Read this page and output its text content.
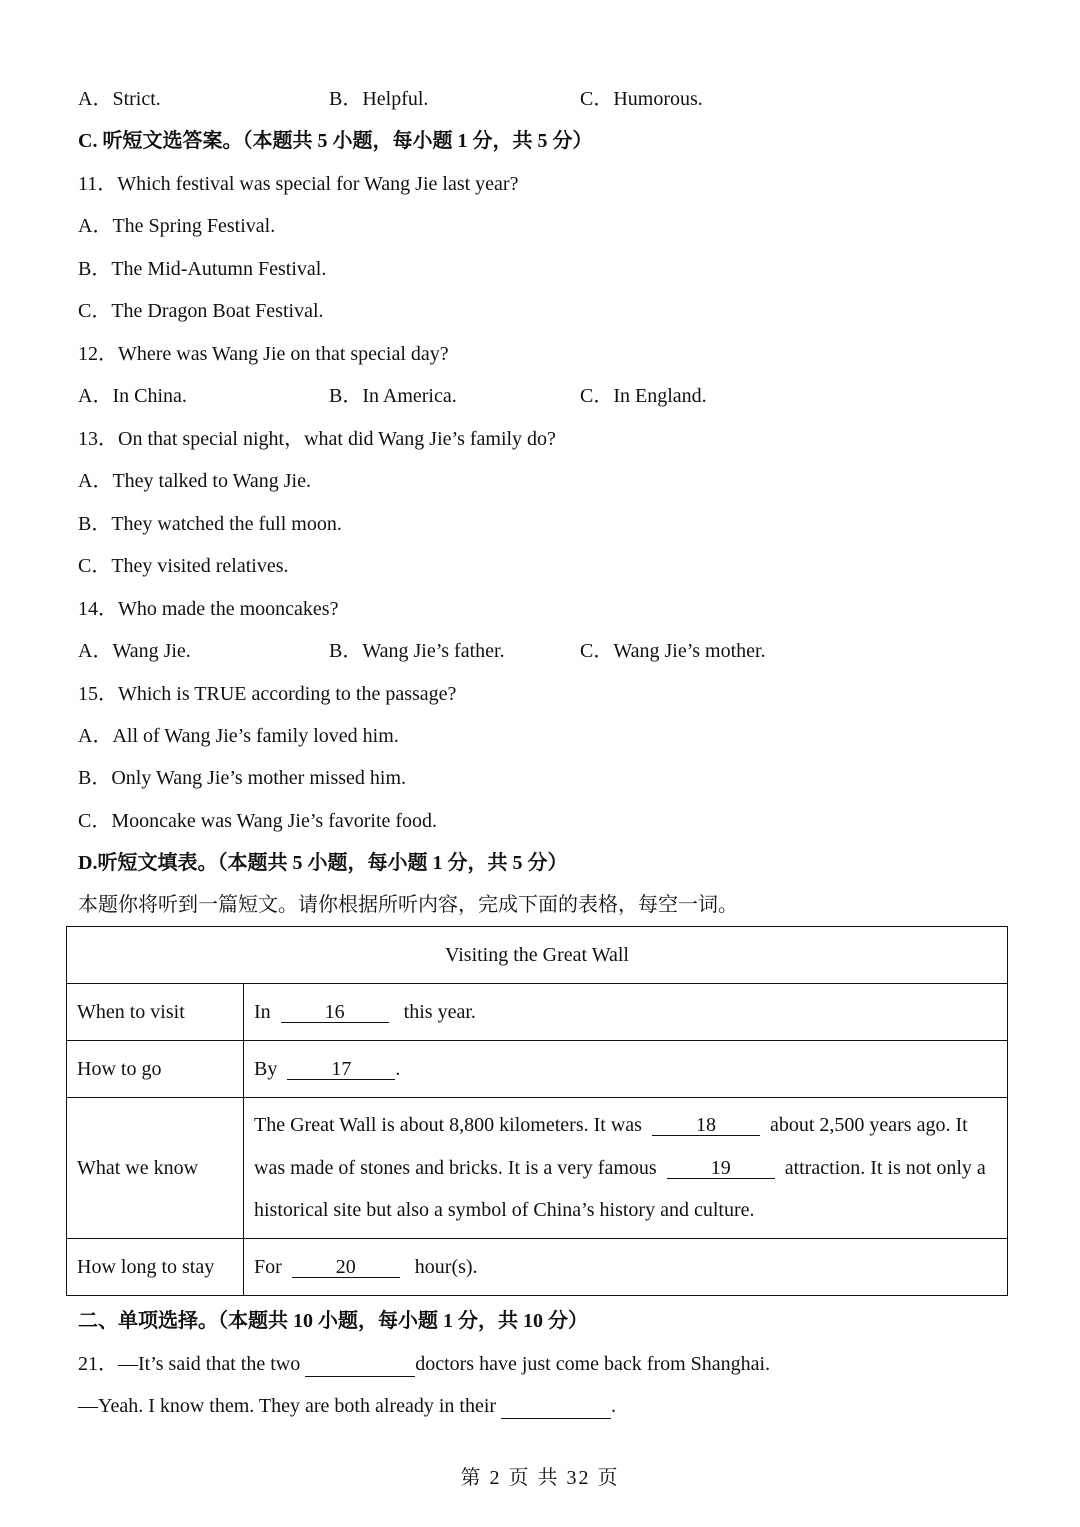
A．Strict.	B．Helpful.	C．Humorous.
C. 听短文选答案。（本题共 5 小题，每小题 1 分，共 5 分）
11．Which festival was special for Wang Jie last year?
A．The Spring Festival.
B．The Mid-Autumn Festival.
C．The Dragon Boat Festival.
12．Where was Wang Jie on that special day?
A．In China.	B．In America.	C．In England.
13．On that special night，what did Wang Jie’s family do?
A．They talked to Wang Jie.
B．They watched the full moon.
C．They visited relatives.
14．Who made the mooncakes?
A．Wang Jie.	B．Wang Jie’s father.	C．Wang Jie’s mother.
15．Which is TRUE according to the passage?
A．All of Wang Jie’s family loved him.
B．Only Wang Jie’s mother missed him.
C．Mooncake was Wang Jie’s favorite food.
D.听短文填表。（本题共 5 小题，每小题 1 分，共 5 分）
本题你将听到一篇短文。请你根据所听内容，完成下面的表格，每空一词。
Visiting the Great Wall	
When to visit	In 16 this year.
How to go	By 17 .
What we know	The Great Wall is about 8,800 kilometers. It was 18 about 2,500 years ago. It was made of stones and bricks. It is a very famous 19 attraction. It is not only a historical site but also a symbol of China’s history and culture.
How long to stay	For 20 hour(s).
二、单项选择。（本题共 10 小题，每小题 1 分，共 10 分）
21．—It’s said that the two	doctors have just come back from Shanghai.
—Yeah. I know them. They are both already in their	.
第 2 页 共 32 页
